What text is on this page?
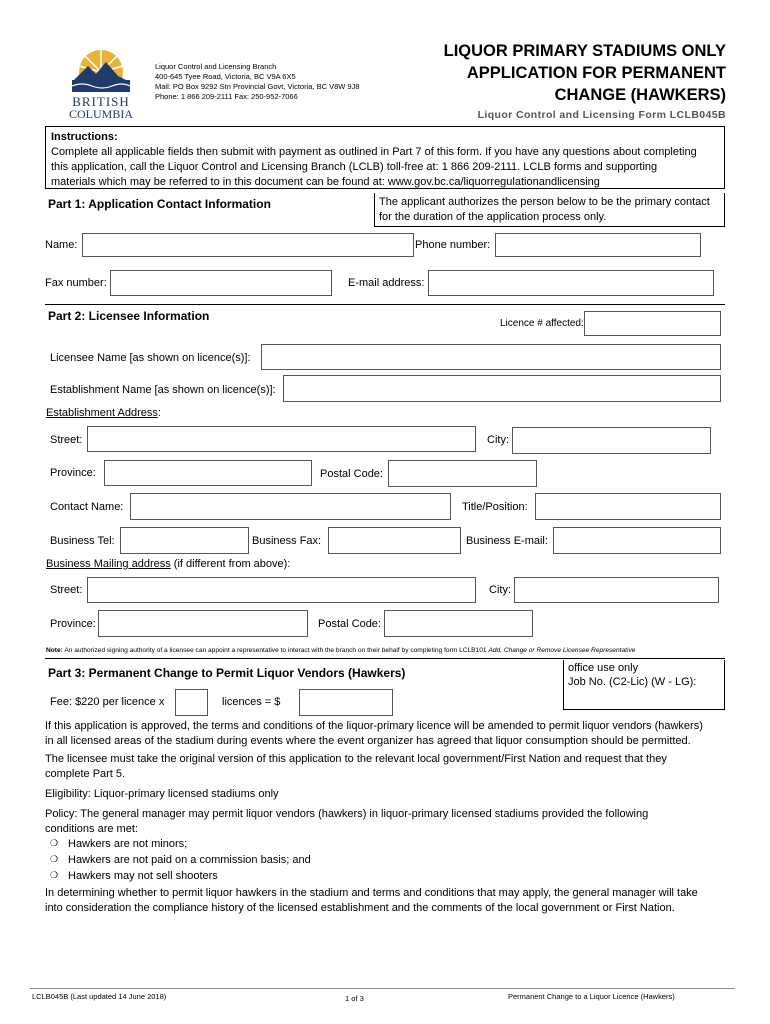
BRITISH
COLUMBIA
Liquor Control and Licensing Branch
400-645 Tyee Road, Victoria, BC V9A 6X5
Mail: PO Box 9292 Stn Provincial Govt, Victoria, BC V8W 9J8
Phone: 1 866 209-2111 Fax: 250-952-7066
LIQUOR PRIMARY STADIUMS ONLY
APPLICATION FOR PERMANENT
CHANGE (HAWKERS)
Liquor Control and Licensing Form LCLB045B
Instructions:
Complete all applicable fields then submit with payment as outlined in Part 7 of this form. If you have any questions about completing
this application, call the Liquor Control and Licensing Branch (LCLB) toll-free at: 1 866 209-2111. LCLB forms and supporting
materials which may be referred to in this document can be found at: www.gov.bc.ca/liquorregulationandlicensing
Part 1: Application Contact Information	The applicant authorizes the person below to be the primary contact
for the duration of the application process only.
Name:	Phone number:
Fax number:	E-mail address:
Part 2: Licensee Information
Licence # affected:
Licensee Name [as shown on licence(s)]:
Establishment Name [as shown on licence(s)]:
Establishment Address:
Street:	City:
Province:	Postal Code:
Contact Name:	Title/Position:
Business Tel:	Business Fax:	Business E-mail:
Business Mailing address (if different from above):
Street:	City:
Province:	Postal Code:
Note: An authorized signing authority of a licensee can appoint a representative to interact with the branch on their behalf by completing form LCLB101 Add, Change or Remove Licensee Representative
Part 3: Permanent Change to Permit Liquor Vendors (Hawkers)	office use only
Job No. (C2-Lic) (W - LG):
Fee: $220 per licence x	licences = $
If this application is approved, the terms and conditions of the liquor-primary licence will be amended to permit liquor vendors (hawkers)
in all licensed areas of the stadium during events where the event organizer has agreed that liquor consumption should be permitted.
The licensee must take the original version of this application to the relevant local government/First Nation and request that they
complete Part 5.
Eligibility: Liquor-primary licensed stadiums only
Policy: The general manager may permit liquor vendors (hawkers) in liquor-primary licensed stadiums provided the following
conditions are met:
❍ Hawkers are not minors;
❍ Hawkers are not paid on a commission basis; and
❍ Hawkers may not sell shooters
In determining whether to permit liquor hawkers in the stadium and terms and conditions that may apply, the general manager will take
into consideration the compliance history of the licensed establishment and the comments of the local government or First Nation.
LCLB045B (Last updated 14 June 2018)	1 of 3	Permanent Change to a Liquor Licence (Hawkers)
